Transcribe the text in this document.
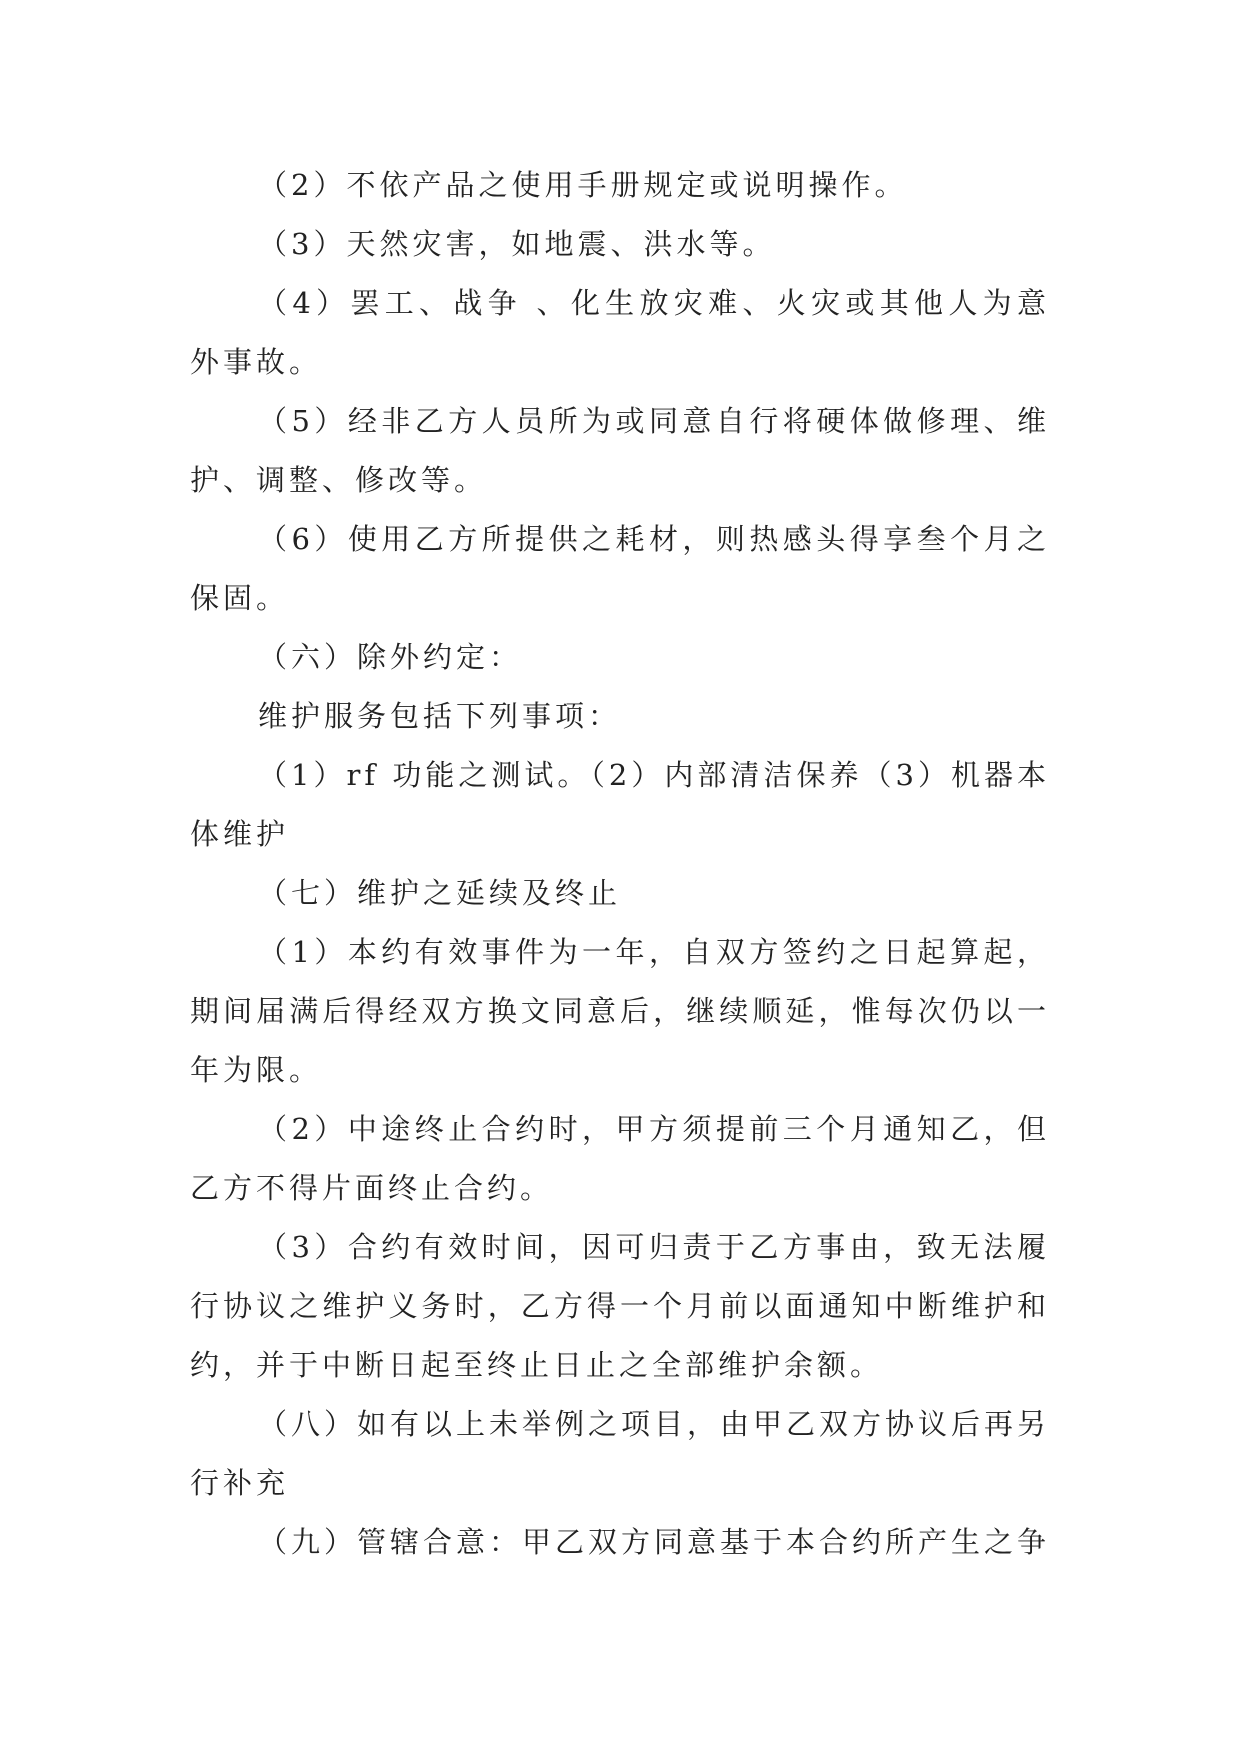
（2）不依产品之使用手册规定或说明操作。

（3）天然灾害，如地震、洪水等。

（4）罢工、战争 、化生放灾难、火灾或其他人为意外事故。

（5）经非乙方人员所为或同意自行将硬体做修理、维护、调整、修改等。

（6）使用乙方所提供之耗材，则热感头得享叁个月之保固。

（六）除外约定：

维护服务包括下列事项：

（1）rf 功能之测试。（2）内部清洁保养（3）机器本体维护

（七）维护之延续及终止

（1）本约有效事件为一年，自双方签约之日起算起，期间届满后得经双方换文同意后，继续顺延，惟每次仍以一年为限。

（2）中途终止合约时，甲方须提前三个月通知乙，但乙方不得片面终止合约。

（3）合约有效时间，因可归责于乙方事由，致无法履行协议之维护义务时，乙方得一个月前以面通知中断维护和约，并于中断日起至终止日止之全部维护余额。

（八）如有以上未举例之项目，由甲乙双方协议后再另行补充

（九）管辖合意：甲乙双方同意基于本合约所产生之争
